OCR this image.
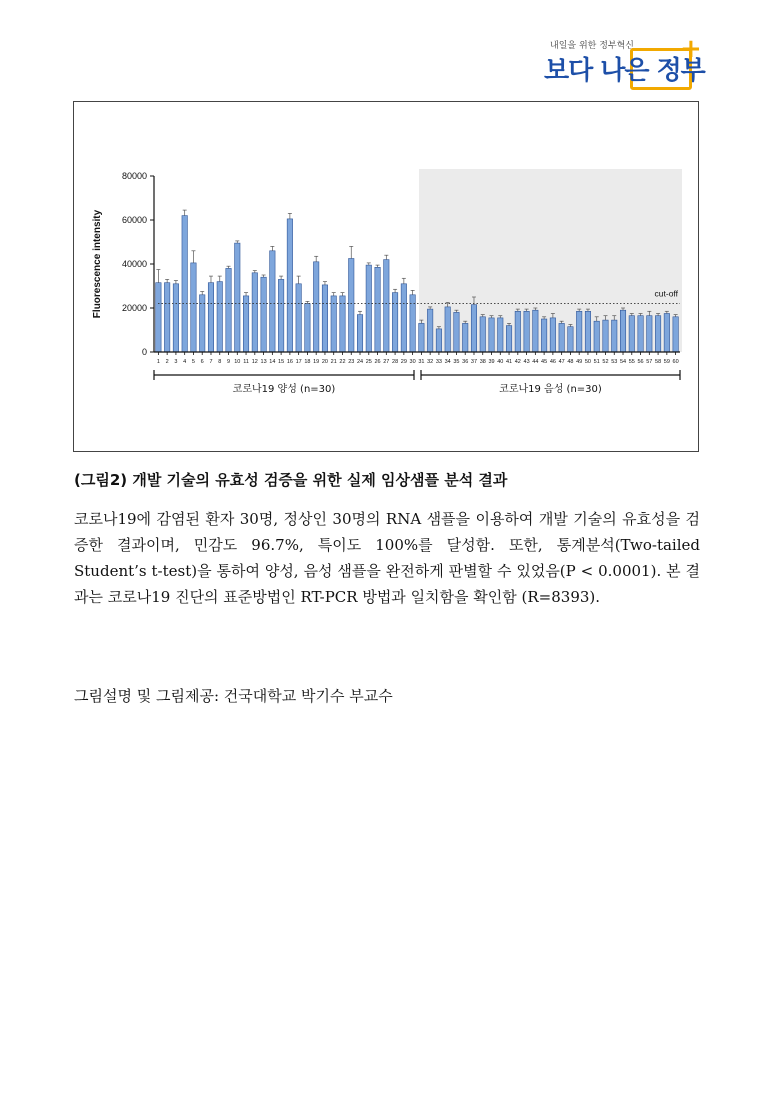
내일을 위한 정부혁신
보다 나은 정부
+
0
20000
40000
60000
80000
1 2 3 4 5 6 7 8 9 10 11 12 13 14 15 16 17 18 19 20 21 22 23 24 25 26 27 28 29 30 31 32 33 34 35 36 37 38 39 40 41 42 43 44 45 46 47 48 49 50 51 52 53 54 55 56 57 58 59 60
cut-off
Fluorescence intensity
코로나19 양성 (n=30)	코로나19 음성 (n=30)
(그림2) 개발 기술의 유효성 검증을 위한 실제 임상샘플 분석 결과
코로나19에 감염된 환자 30명, 정상인 30명의 RNA 샘플을 이용하여 개발 기술의 유효성을 검증한 결과이며, 민감도 96.7%, 특이도 100%를 달성함. 또한, 통계분석(Two-tailed Student’s t-test)을 통하여 양성, 음성 샘플을 완전하게 판별할 수 있었음(P < 0.0001). 본 결과는 코로나19 진단의 표준방법인 RT-PCR 방법과 일치함을 확인함 (R=8393).
그림설명 및 그림제공: 건국대학교 박기수 부교수
